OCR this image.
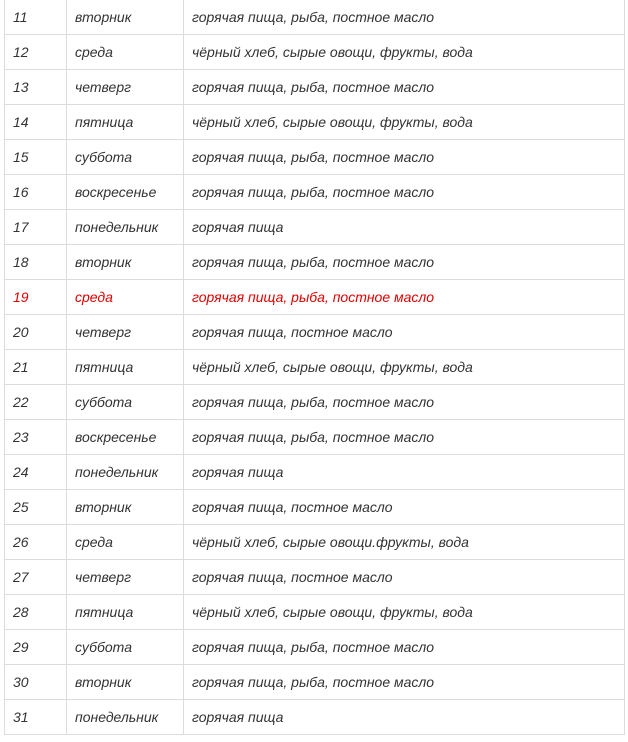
11	вторник	горячая пища, рыба, постное масло
12	среда	чёрный хлеб, сырые овощи, фрукты, вода
13	четверг	горячая пища, рыба, постное масло
14	пятница	чёрный хлеб, сырые овощи, фрукты, вода
15	суббота	горячая пища, рыба, постное масло
16	воскресенье	горячая пища, рыба, постное масло
17	понедельник	горячая пища
18	вторник	горячая пища, рыба, постное масло
19	среда	горячая пища, рыба, постное масло
20	четверг	горячая пища, постное масло
21	пятница	чёрный хлеб, сырые овощи, фрукты, вода
22	суббота	горячая пища, рыба, постное масло
23	воскресенье	горячая пища, рыба, постное масло
24	понедельник	горячая пища
25	вторник	горячая пища, постное масло
26	среда	чёрный хлеб, сырые овощи.фрукты, вода
27	четверг	горячая пища, постное масло
28	пятница	чёрный хлеб, сырые овощи, фрукты, вода
29	суббота	горячая пища, рыба, постное масло
30	вторник	горячая пища, рыба, постное масло
31	понедельник	горячая пища
